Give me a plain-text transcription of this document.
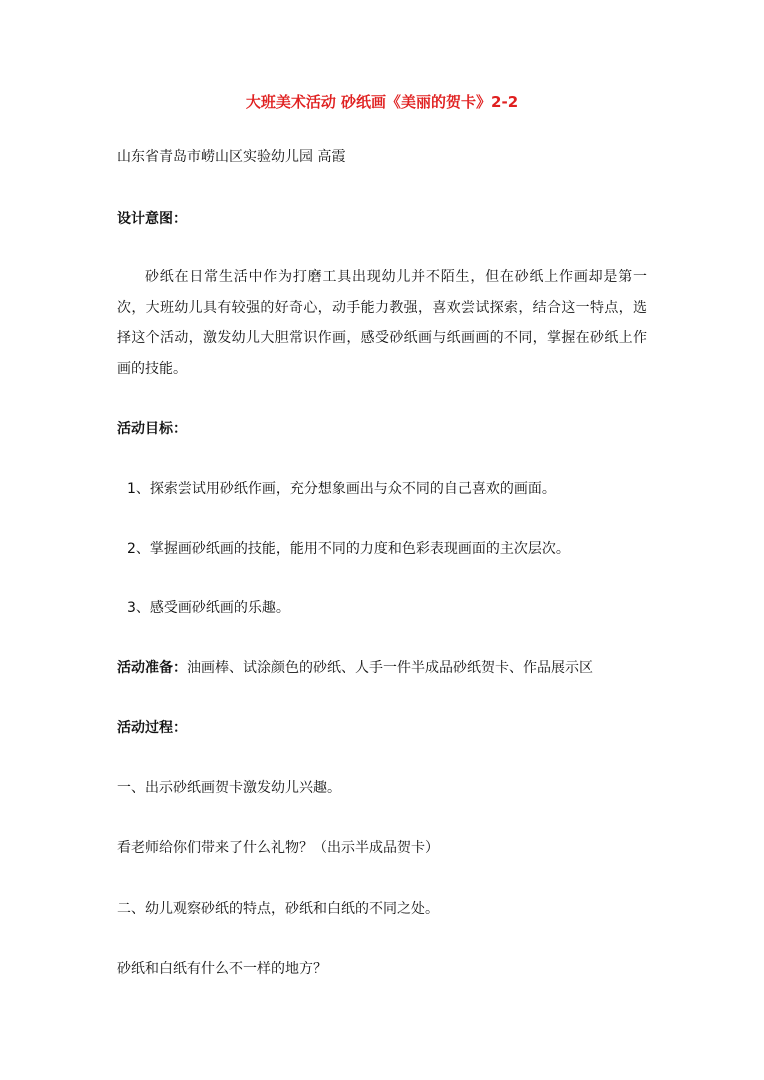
大班美术活动 砂纸画《美丽的贺卡》2-2
山东省青岛市崂山区实验幼儿园 高霞
设计意图：
砂纸在日常生活中作为打磨工具出现幼儿并不陌生，但在砂纸上作画却是第一次，大班幼儿具有较强的好奇心，动手能力教强，喜欢尝试探索，结合这一特点，选择这个活动，激发幼儿大胆常识作画，感受砂纸画与纸画画的不同，掌握在砂纸上作画的技能。
活动目标：
1、探索尝试用砂纸作画，充分想象画出与众不同的自己喜欢的画面。
2、掌握画砂纸画的技能，能用不同的力度和色彩表现画面的主次层次。
3、感受画砂纸画的乐趣。
活动准备：油画棒、试涂颜色的砂纸、人手一件半成品砂纸贺卡、作品展示区
活动过程：
一、出示砂纸画贺卡激发幼儿兴趣。
看老师给你们带来了什么礼物？（出示半成品贺卡）
二、幼儿观察砂纸的特点，砂纸和白纸的不同之处。
砂纸和白纸有什么不一样的地方？
